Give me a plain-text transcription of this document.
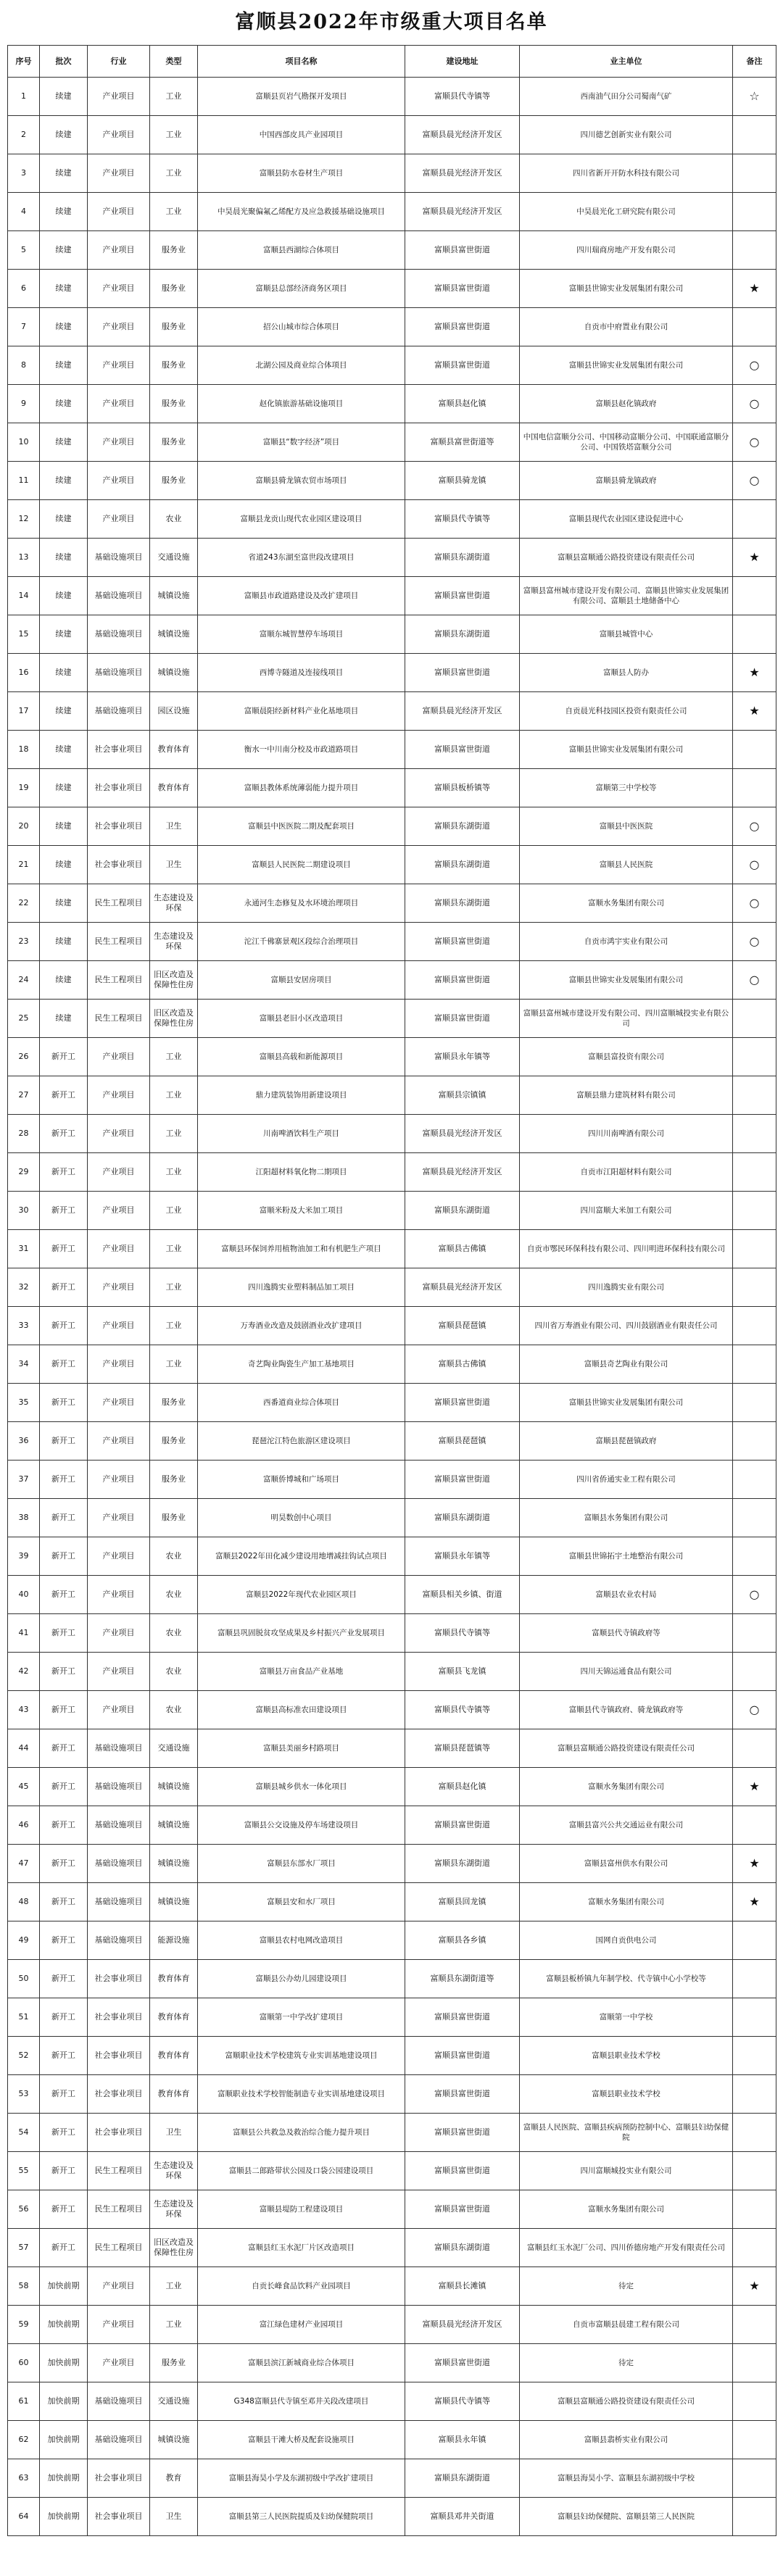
富顺县2022年市级重大项目名单
序号	批次	行业	类型	项目名称	建设地址	业主单位	备注
1	续建	产业项目	工业	富顺县页岩气勘探开发项目	富顺县代寺镇等	西南油气田分公司蜀南气矿	☆
2	续建	产业项目	工业	中国西部皮具产业园项目	富顺县晨光经济开发区	四川德艺创新实业有限公司	
3	续建	产业项目	工业	富顺县防水卷材生产项目	富顺县晨光经济开发区	四川省新开开防水科技有限公司	
4	续建	产业项目	工业	中昊晨光聚偏氟乙烯配方及应急救援基础设施项目	富顺县晨光经济开发区	中昊晨光化工研究院有限公司	
5	续建	产业项目	服务业	富顺县西湖综合体项目	富顺县富世街道	四川瑞商房地产开发有限公司	
6	续建	产业项目	服务业	富顺县总部经济商务区项目	富顺县富世街道	富顺县世锦实业发展集团有限公司	★
7	续建	产业项目	服务业	招公山城市综合体项目	富顺县富世街道	自贡市中府置业有限公司	
8	续建	产业项目	服务业	北湖公园及商业综合体项目	富顺县富世街道	富顺县世锦实业发展集团有限公司	○
9	续建	产业项目	服务业	赵化镇旅游基础设施项目	富顺县赵化镇	富顺县赵化镇政府	○
10	续建	产业项目	服务业	富顺县“数字经济”项目	富顺县富世街道等	中国电信富顺分公司、中国移动富顺分公司、中国联通富顺分公司、中国铁塔富顺分公司	○
11	续建	产业项目	服务业	富顺县骑龙镇农贸市场项目	富顺县骑龙镇	富顺县骑龙镇政府	○
12	续建	产业项目	农业	富顺县龙贡山现代农业园区建设项目	富顺县代寺镇等	富顺县现代农业园区建设促进中心	
13	续建	基础设施项目	交通设施	省道243东湖至富世段改建项目	富顺县东湖街道	富顺县富顺通公路投资建设有限责任公司	★
14	续建	基础设施项目	城镇设施	富顺县市政道路建设及改扩建项目	富顺县富世街道	富顺县富州城市建设开发有限公司、富顺县世锦实业发展集团有限公司、富顺县土地储备中心	
15	续建	基础设施项目	城镇设施	富顺东城智慧停车场项目	富顺县东湖街道	富顺县城管中心	
16	续建	基础设施项目	城镇设施	西博寺隧道及连接线项目	富顺县富世街道	富顺县人防办	★
17	续建	基础设施项目	园区设施	富顺晨阳经新材料产业化基地项目	富顺县晨光经济开发区	自贡晨光科技园区投资有限责任公司	★
18	续建	社会事业项目	教育体育	衡水一中川南分校及市政道路项目	富顺县富世街道	富顺县世锦实业发展集团有限公司	
19	续建	社会事业项目	教育体育	富顺县教体系统薄弱能力提升项目	富顺县板桥镇等	富顺第三中学校等	
20	续建	社会事业项目	卫生	富顺县中医医院二期及配套项目	富顺县东湖街道	富顺县中医医院	○
21	续建	社会事业项目	卫生	富顺县人民医院二期建设项目	富顺县东湖街道	富顺县人民医院	○
22	续建	民生工程项目	生态建设及环保	永通河生态修复及水环境治理项目	富顺县东湖街道	富顺水务集团有限公司	○
23	续建	民生工程项目	生态建设及环保	沱江千佛寨景观区段综合治理项目	富顺县富世街道	自贡市鸿宇实业有限公司	○
24	续建	民生工程项目	旧区改造及保障性住房	富顺县安居房项目	富顺县富世街道	富顺县世锦实业发展集团有限公司	○
25	续建	民生工程项目	旧区改造及保障性住房	富顺县老旧小区改造项目	富顺县富世街道	富顺县富州城市建设开发有限公司、四川富顺城投实业有限公司	
26	新开工	产业项目	工业	富顺县高载和新能源项目	富顺县永年镇等	富顺县富投资有限公司	
27	新开工	产业项目	工业	鼎力建筑装饰用新建设项目	富顺县宗镇镇	富顺县鼎力建筑材料有限公司	
28	新开工	产业项目	工业	川南啤酒饮料生产项目	富顺县晨光经济开发区	四川川南啤酒有限公司	
29	新开工	产业项目	工业	江阳超材料氧化物二期项目	富顺县晨光经济开发区	自贡市江阳超材料有限公司	
30	新开工	产业项目	工业	富顺米粉及大米加工项目	富顺县东湖街道	四川富顺大米加工有限公司	
31	新开工	产业项目	工业	富顺县环保饲养用植物油加工和有机肥生产项目	富顺县古佛镇	自贡市鄂民环保科技有限公司、四川明进环保科技有限公司	
32	新开工	产业项目	工业	四川逸腾实业塑料制品加工项目	富顺县晨光经济开发区	四川逸腾实业有限公司	
33	新开工	产业项目	工业	万寿酒业改造及鼓剧酒业改扩建项目	富顺县琵琶镇	四川省万寿酒业有限公司、四川鼓剧酒业有限责任公司	
34	新开工	产业项目	工业	奇艺陶业陶瓷生产加工基地项目	富顺县古佛镇	富顺县奇艺陶业有限公司	
35	新开工	产业项目	服务业	西番道商业综合体项目	富顺县富世街道	富顺县世锦实业发展集团有限公司	
36	新开工	产业项目	服务业	琵琶沱江特色旅游区建设项目	富顺县琵琶镇	富顺县琵琶镇政府	
37	新开工	产业项目	服务业	富顺侨博城和广场项目	富顺县富世街道	四川省侨通实业工程有限公司	
38	新开工	产业项目	服务业	明昊数创中心项目	富顺县东湖街道	富顺县水务集团有限公司	
39	新开工	产业项目	农业	富顺县2022年田化减少建设用地增减挂钩试点项目	富顺县永年镇等	富顺县世锦拓宇土地整治有限公司	
40	新开工	产业项目	农业	富顺县2022年现代农业园区项目	富顺县相关乡镇、街道	富顺县农业农村局	○
41	新开工	产业项目	农业	富顺县巩固脱贫攻坚成果及乡村振兴产业发展项目	富顺县代寺镇等	富顺县代寺镇政府等	
42	新开工	产业项目	农业	富顺县万亩食品产业基地	富顺县飞龙镇	四川天锦运通食品有限公司	
43	新开工	产业项目	农业	富顺县高标准农田建设项目	富顺县代寺镇等	富顺县代寺镇政府、骑龙镇政府等	○
44	新开工	基础设施项目	交通设施	富顺县美丽乡村路项目	富顺县琵琶镇等	富顺县富顺通公路投资建设有限责任公司	
45	新开工	基础设施项目	城镇设施	富顺县城乡供水一体化项目	富顺县赵化镇	富顺水务集团有限公司	★
46	新开工	基础设施项目	城镇设施	富顺县公交设施及停车场建设项目	富顺县富世街道	富顺县富兴公共交通运业有限公司	
47	新开工	基础设施项目	城镇设施	富顺县东部水厂项目	富顺县东湖街道	富顺县富州供水有限公司	★
48	新开工	基础设施项目	城镇设施	富顺县安和水厂项目	富顺县回龙镇	富顺水务集团有限公司	★
49	新开工	基础设施项目	能源设施	富顺县农村电网改造项目	富顺县各乡镇	国网自贡供电公司	
50	新开工	社会事业项目	教育体育	富顺县公办幼儿园建设项目	富顺县东湖街道等	富顺县板桥镇九年制学校、代寺镇中心小学校等	
51	新开工	社会事业项目	教育体育	富顺第一中学改扩建项目	富顺县富世街道	富顺第一中学校	
52	新开工	社会事业项目	教育体育	富顺职业技术学校建筑专业实训基地建设项目	富顺县富世街道	富顺县职业技术学校	
53	新开工	社会事业项目	教育体育	富顺职业技术学校智能制造专业实训基地建设项目	富顺县富世街道	富顺县职业技术学校	
54	新开工	社会事业项目	卫生	富顺县公共救急及救治综合能力提升项目	富顺县富世街道	富顺县人民医院、富顺县疾病预防控制中心、富顺县妇幼保健院	
55	新开工	民生工程项目	生态建设及环保	富顺县二郎路带状公园及口袋公园建设项目	富顺县富世街道	四川富顺城投实业有限公司	
56	新开工	民生工程项目	生态建设及环保	富顺县堤防工程建设项目	富顺县富世街道	富顺水务集团有限公司	
57	新开工	民生工程项目	旧区改造及保障性住房	富顺县红玉水泥厂片区改造项目	富顺县东湖街道	富顺县红玉水泥厂公司、四川侨德房地产开发有限责任公司	
58	加快前期	产业项目	工业	自贡长峰食品饮料产业园项目	富顺县长滩镇	待定	★
59	加快前期	产业项目	工业	富江绿色建材产业园项目	富顺县晨光经济开发区	自贡市富顺县晨建工程有限公司	
60	加快前期	产业项目	服务业	富顺县滨江新城商业综合体项目	富顺县富世街道	待定	
61	加快前期	基础设施项目	交通设施	G348富顺县代寺镇至邓井关段改建项目	富顺县代寺镇等	富顺县富顺通公路投资建设有限责任公司	
62	加快前期	基础设施项目	城镇设施	富顺县干滩大桥及配套设施项目	富顺县永年镇	富顺县翡桥实业有限公司	
63	加快前期	社会事业项目	教育	富顺县海昊小学及东湖初级中学改扩建项目	富顺县东湖街道	富顺县海昊小学、富顺县东湖初级中学校	
64	加快前期	社会事业项目	卫生	富顺县第三人民医院提质及妇幼保健院项目	富顺县邓井关街道	富顺县妇幼保健院、富顺县第三人民医院	
